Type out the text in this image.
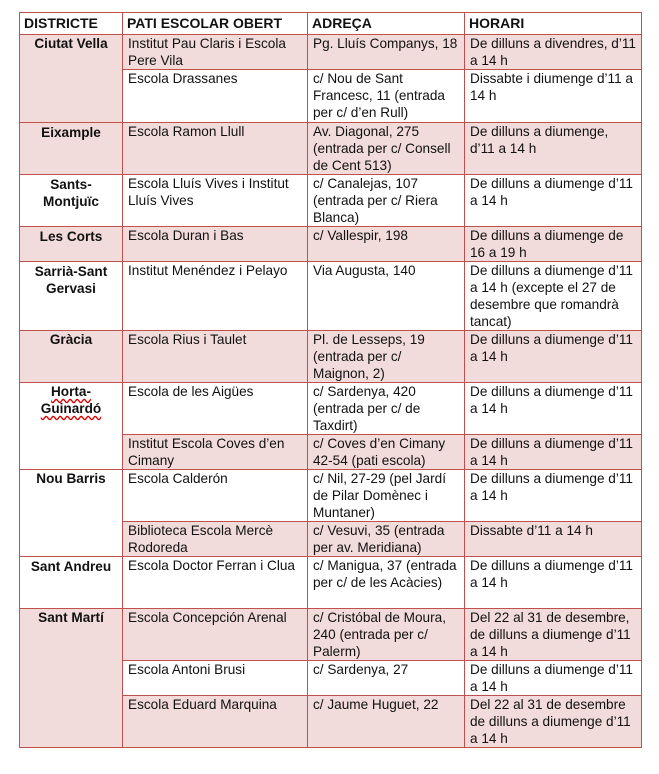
DISTRICTE	PATI ESCOLAR OBERT	ADREÇA	HORARI
Ciutat Vella	Institut Pau Claris i Escola Pere Vila	Pg. Lluís Companys, 18	De dilluns a divendres, d’11 a 14 h
	Escola Drassanes	c/ Nou de Sant Francesc, 11 (entrada per c/ d’en Rull)	Dissabte i diumenge d’11 a 14 h
Eixample	Escola Ramon Llull	Av. Diagonal, 275 (entrada per c/ Consell de Cent 513)	De dilluns a diumenge, d’11 a 14 h
Sants-Montjuïc	Escola Lluís Vives i Institut Lluís Vives	c/ Canalejas, 107 (entrada per c/ Riera Blanca)	De dilluns a diumenge d’11 a 14 h
Les Corts	Escola Duran i Bas	c/ Vallespir, 198	De dilluns a diumenge de 16 a 19 h
Sarrià-Sant Gervasi	Institut Menéndez i Pelayo	Via Augusta, 140	De dilluns a diumenge d’11 a 14 h (excepte el 27 de desembre que romandrà tancat)
Gràcia	Escola Rius i Taulet	Pl. de Lesseps, 19 (entrada per c/ Maignon, 2)	De dilluns a diumenge d’11 a 14 h
Horta-Guinardó	Escola de les Aigües	c/ Sardenya, 420 (entrada per c/ de Taxdirt)	De dilluns a diumenge d’11 a 14 h
	Institut Escola Coves d’en Cimany	c/ Coves d’en Cimany 42-54 (pati escola)	De dilluns a diumenge d’11 a 14 h
Nou Barris	Escola Calderón	c/ Nil, 27-29 (pel Jardí de Pilar Domènec i Muntaner)	De dilluns a diumenge d’11 a 14 h
	Biblioteca Escola Mercè Rodoreda	c/ Vesuvi, 35 (entrada per av. Meridiana)	Dissabte d’11 a 14 h
Sant Andreu	Escola Doctor Ferran i Clua	c/ Manigua, 37 (entrada per c/ de les Acàcies)	De dilluns a diumenge d’11 a 14 h
Sant Martí	Escola Concepción Arenal	c/ Cristóbal de Moura, 240 (entrada per c/ Palerm)	Del 22 al 31 de desembre, de dilluns a diumenge d’11 a 14 h
	Escola Antoni Brusi	c/ Sardenya, 27	De dilluns a diumenge d’11 a 14 h
	Escola Eduard Marquina	c/ Jaume Huguet, 22	Del 22 al 31 de desembre de dilluns a diumenge d’11 a 14 h
